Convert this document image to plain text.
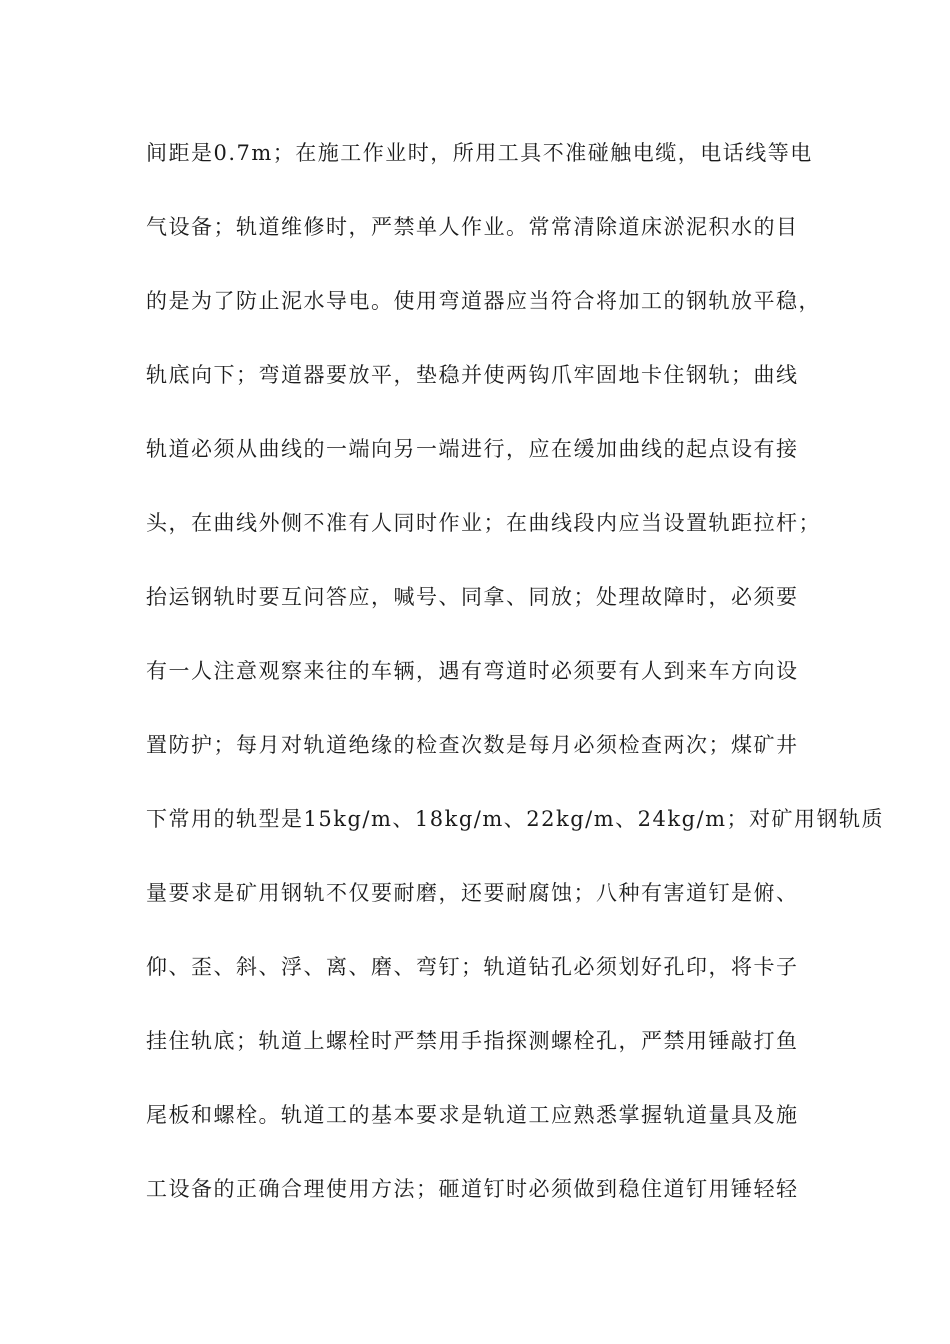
间距是0.7m；在施工作业时，所用工具不准碰触电缆，电话线等电
气设备；轨道维修时，严禁单人作业。常常清除道床淤泥积水的目
的是为了防止泥水导电。使用弯道器应当符合将加工的钢轨放平稳，
轨底向下；弯道器要放平，垫稳并使两钩爪牢固地卡住钢轨；曲线
轨道必须从曲线的一端向另一端进行，应在缓加曲线的起点设有接
头，在曲线外侧不准有人同时作业；在曲线段内应当设置轨距拉杆；
抬运钢轨时要互问答应，喊号、同拿、同放；处理故障时，必须要
有一人注意观察来往的车辆，遇有弯道时必须要有人到来车方向设
置防护；每月对轨道绝缘的检查次数是每月必须检查两次；煤矿井
下常用的轨型是15kg/m、18kg/m、22kg/m、24kg/m；对矿用钢轨质
量要求是矿用钢轨不仅要耐磨，还要耐腐蚀；八种有害道钉是俯、
仰、歪、斜、浮、离、磨、弯钉；轨道钻孔必须划好孔印，将卡子
挂住轨底；轨道上螺栓时严禁用手指探测螺栓孔，严禁用锤敲打鱼
尾板和螺栓。轨道工的基本要求是轨道工应熟悉掌握轨道量具及施
工设备的正确合理使用方法；砸道钉时必须做到稳住道钉用锤轻轻
